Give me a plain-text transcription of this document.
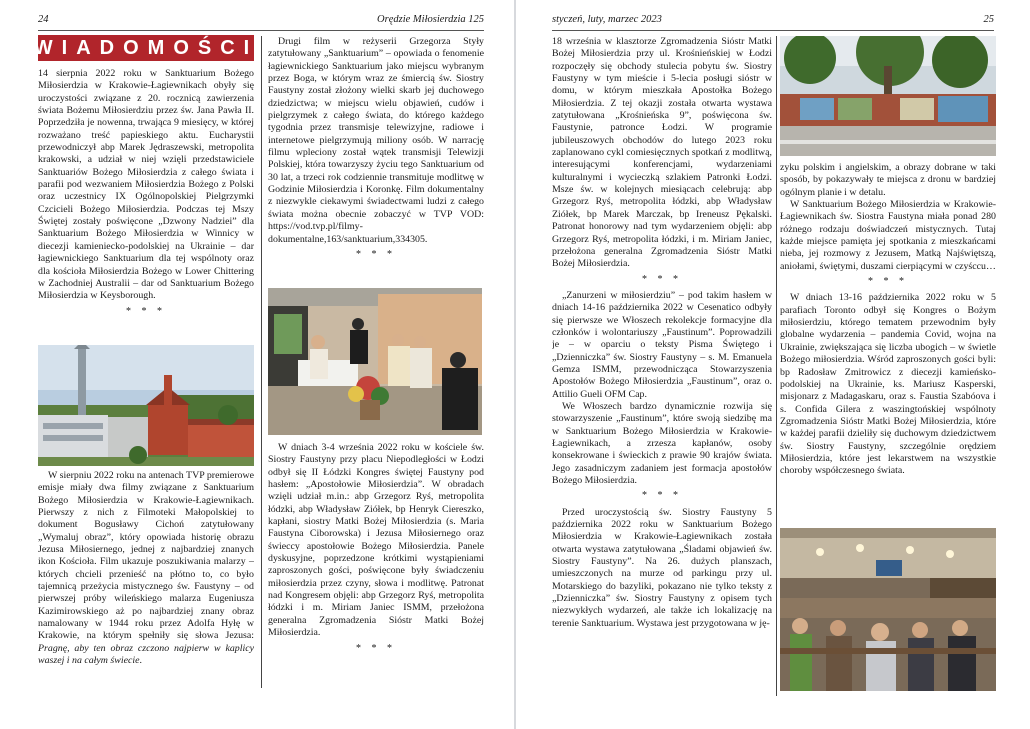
24	Orędzie Miłosierdzia 125
WIADOMOŚCI

14 sierpnia 2022 roku w Sanktuarium Bożego Miłosierdzia w Krakowie-Łagiewnikach obyły się uroczystości związane z 20. rocznicą zawierzenia świata Bożemu Miłosierdziu przez św. Jana Pawła II. Poprzedziła je nowenna, trwająca 9 miesięcy, w której rozważano treść papieskiego aktu. Eucharystii przewodniczył abp Marek Jędraszewski, metropolita krakowski, a udział w niej wzięli przedstawiciele Sanktuariów Bożego Miłosierdzia z całego świata i parafii pod wezwaniem Miłosierdzia Bożego z Polski oraz uczestnicy IX Ogólnopolskiej Pielgrzymki Czcicieli Bożego Miłosierdzia. Podczas tej Mszy Świętej zostały poświęcone „Dzwony Nadziei” dla Sanktuarium Bożego Miłosierdzia w Winnicy w diecezji kamieniecko-podolskiej na Ukrainie – dar łagiewnickiego Sanktuarium dla tej wspólnoty oraz dla kościoła Miłosierdzia Bożego w Lower Chittering w Zachodniej Australii – dar od Sanktuarium Bożego Miłosierdzia w Keysborough.

* * *

W sierpniu 2022 roku na antenach TVP premierowe emisje miały dwa filmy związane z Sanktuarium Bożego Miłosierdzia w Krakowie-Łagiewnikach. Pierwszy z nich z Filmoteki Małopolskiej to dokument Bogusławy Cichoń zatytułowany „Wymaluj obraz”, który opowiada historię obrazu Jezusa Miłosiernego, jednej z najbardziej znanych ikon Kościoła. Film ukazuje poszukiwania malarzy – których chcieli przenieść na płótno to, co było tajemnicą przeżycia mistycznego św. Faustyny – od pierwszej próby wileńskiego malarza Eugeniusza Kazimirowskiego aż po najbardziej znany obraz namalowany w 1944 roku przez Adolfa Hyłę w Krakowie, na którym spełniły się słowa Jezusa: Pragnę, aby ten obraz czczono najpierw w kaplicy waszej i na całym świecie.

Drugi film w reżyserii Grzegorza Styły zatytułowany „Sanktuarium” – opowiada o fenomenie łagiewnickiego Sanktuarium jako miejscu wybranym przez Boga, w którym wraz ze śmiercią św. Siostry Faustyny został złożony wielki skarb jej duchowego dziedzictwa; w miejscu wielu objawień, cudów i pielgrzymek z całego świata, do którego każdego tygodnia przez transmisje telewizyjne, radiowe i internetowe pielgrzymują miliony osób. W narrację filmu wpleciony został wątek transmisji Telewizji Polskiej, która towarzyszy życiu tego Sanktuarium od 30 lat, a trzeci rok codziennie transmituje modlitwę w Godzinie Miłosierdzia i Koronkę. Film dokumentalny z niezwykle ciekawymi świadectwami ludzi z całego świata można obecnie zobaczyć w TVP VOD: https://vod.tvp.pl/filmy-dokumentalne,163/sanktuarium,334305.

* * *

W dniach 3-4 września 2022 roku w kościele św. Siostry Faustyny przy placu Niepodległości w Łodzi odbył się II Łódzki Kongres świętej Faustyny pod hasłem: „Apostołowie Miłosierdzia”. W obradach wzięli udział m.in.: abp Grzegorz Ryś, metropolita łódzki, abp Władysław Ziółek, bp Henryk Ciereszko, kapłani, siostry Matki Bożej Miłosierdzia (s. Maria Faustyna Ciborowska) i Jezusa Miłosiernego oraz świeccy apostołowie Bożego Miłosierdzia. Panele dyskusyjne, poprzedzone krótkimi wystąpieniami zaproszonych gości, poświęcone były świadczeniu miłosierdzia przez czyny, słowa i modlitwę. Patronat nad Kongresem objęli: abp Grzegorz Ryś, metropolita łódzki i m. Miriam Janiec ISMM, przełożona generalna Zgromadzenia Sióstr Matki Bożej Miłosierdzia.

* * *
styczeń, luty, marzec 2023	25

18 września w klasztorze Zgromadzenia Sióstr Matki Bożej Miłosierdzia przy ul. Krośnieńskiej w Łodzi rozpoczęły się obchody stulecia pobytu św. Siostry Faustyny w tym mieście i 5-lecia posługi sióstr w domu, w którym mieszkała Apostołka Bożego Miłosierdzia. Z tej okazji została otwarta wystawa zatytułowana „Krośnieńska 9”, poświęcona św. Faustynie, patronce Łodzi. W programie jubileuszowych obchodów do lutego 2023 roku zaplanowano cykl comiesięcznych spotkań z modlitwą, interesującymi konferencjami, wydarzeniami kulturalnymi i wycieczką szlakiem Patronki Łodzi. Msze św. w kolejnych miesiącach celebrują: abp Grzegorz Ryś, metropolita łódzki, abp Władysław Ziółek, bp Marek Marczak, bp Ireneusz Pękalski. Patronat honorowy nad tym wydarzeniem objęli: abp Grzegorz Ryś, metropolita łódzki, i m. Miriam Janiec, przełożona generalna Zgromadzenia Sióstr Matki Bożej Miłosierdzia.

* * *

„Zanurzeni w miłosierdziu” – pod takim hasłem w dniach 14-16 października 2022 w Cesenatico odbyły się pierwsze we Włoszech rekolekcje formacyjne dla członków i wolontariuszy „Faustinum”. Poprowadzili je – w oparciu o teksty Pisma Świętego i „Dzienniczka” św. Siostry Faustyny – s. M. Emanuela Gemza ISMM, przewodnicząca Stowarzyszenia Apostołów Bożego Miłosierdzia „Faustinum”, oraz o. Attilio Gueli OFM Cap.

We Włoszech bardzo dynamicznie rozwija się stowarzyszenie „Faustinum”, które swoją siedzibę ma w Sanktuarium Bożego Miłosierdzia w Krakowie-Łagiewnikach, a zrzesza kapłanów, osoby konsekrowane i świeckich z prawie 90 krajów świata. Jego zasadniczym zadaniem jest formacja apostołów Bożego Miłosierdzia.

* * *

Przed uroczystością św. Siostry Faustyny 5 października 2022 roku w Sanktuarium Bożego Miłosierdzia w Krakowie-Łagiewnikach została otwarta wystawa zatytułowana „Śladami objawień św. Siostry Faustyny”. Na 26. dużych planszach, umieszczonych na murze od parkingu przy ul. Motarskiego do bazyliki, pokazano nie tylko teksty z „Dzienniczka” św. Siostry Faustyny z opisem tych niezwykłych wydarzeń, ale także ich lokalizację na terenie Sanktuarium. Wystawa jest przygotowana w ję-

zyku polskim i angielskim, a obrazy dobrane w taki sposób, by pokazywały te miejsca z dronu w bardziej ogólnym planie i w detalu.

W Sanktuarium Bożego Miłosierdzia w Krakowie-Łagiewnikach św. Siostra Faustyna miała ponad 280 różnego rodzaju doświadczeń mistycznych. Tutaj każde miejsce pamięta jej spotkania z mieszkańcami nieba, jej rozmowy z Jezusem, Matką Najświętszą, aniołami, świętymi, duszami cierpiącymi w czyśccu…

* * *

W dniach 13-16 października 2022 roku w 5 parafiach Toronto odbył się Kongres o Bożym miłosierdziu, którego tematem przewodnim były globalne wydarzenia – pandemia Covid, wojna na Ukrainie, zwiększająca się liczba ubogich – w świetle Bożego miłosierdzia. Wśród zaproszonych gości byli: bp Radosław Zmitrowicz z diecezji kamieńsko-podolskiej na Ukrainie, ks. Mariusz Kasperski, misjonarz z Madagaskaru, oraz s. Faustia Szabóova i s. Confida Gilera z waszingtońskiej wspólnoty Zgromadzenia Sióstr Matki Bożej Miłosierdzia, które w każdej parafii dzieliły się duchowym dziedzictwem św. Siostry Faustyny, szczególnie orędziem Miłosierdzia, które jest lekarstwem na wszystkie choroby współczesnego świata.
